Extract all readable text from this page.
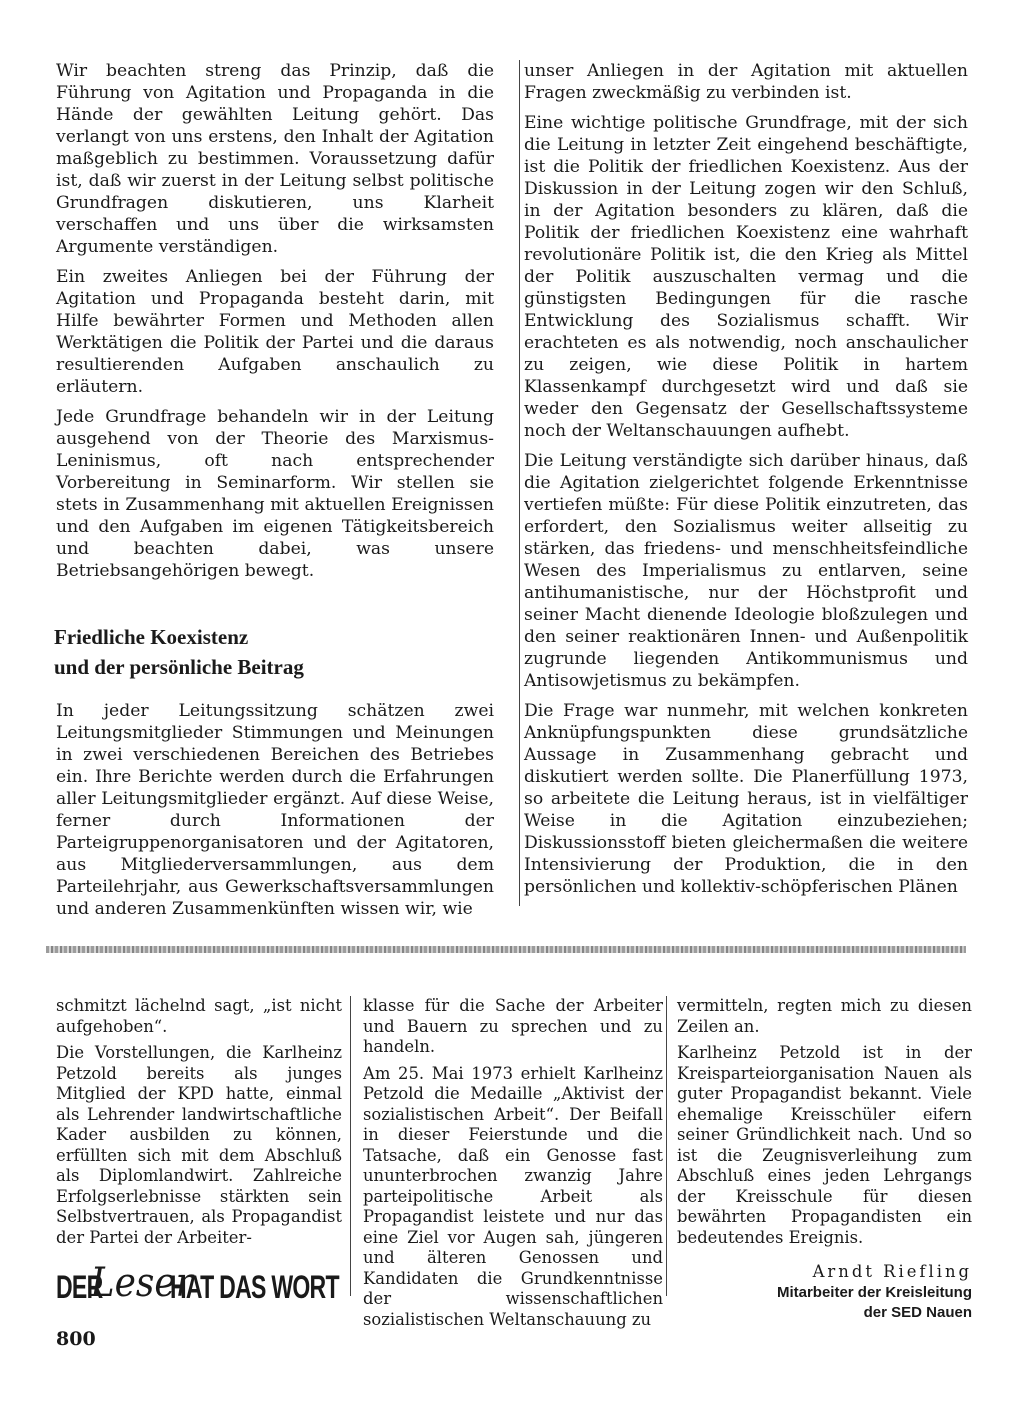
Wir beachten streng das Prinzip, daß die Führung von Agitation und Propaganda in die Hände der gewählten Leitung gehört. Das verlangt von uns erstens, den Inhalt der Agitation maßgeblich zu bestimmen. Voraussetzung dafür ist, daß wir zuerst in der Leitung selbst politische Grundfragen diskutieren, uns Klarheit verschaffen und uns über die wirksamsten Argumente verständigen.

Ein zweites Anliegen bei der Führung der Agitation und Propaganda besteht darin, mit Hilfe bewährter Formen und Methoden allen Werktätigen die Politik der Partei und die daraus resultierenden Aufgaben anschaulich zu erläutern.

Jede Grundfrage behandeln wir in der Leitung ausgehend von der Theorie des Marxismus-Leninismus, oft nach entsprechender Vorbereitung in Seminarform. Wir stellen sie stets in Zusammenhang mit aktuellen Ereignissen und den Aufgaben im eigenen Tätigkeitsbereich und beachten dabei, was unsere Betriebsangehörigen bewegt.

Friedliche Koexistenz
und der persönliche Beitrag

In jeder Leitungssitzung schätzen zwei Leitungsmitglieder Stimmungen und Meinungen in zwei verschiedenen Bereichen des Betriebes ein. Ihre Berichte werden durch die Erfahrungen aller Leitungsmitglieder ergänzt. Auf diese Weise, ferner durch Informationen der Parteigruppenorganisatoren und der Agitatoren, aus Mitgliederversammlungen, aus dem Parteilehrjahr, aus Gewerkschaftsversammlungen und anderen Zusammenkünften wissen wir, wie

unser Anliegen in der Agitation mit aktuellen Fragen zweckmäßig zu verbinden ist.

Eine wichtige politische Grundfrage, mit der sich die Leitung in letzter Zeit eingehend beschäftigte, ist die Politik der friedlichen Koexistenz. Aus der Diskussion in der Leitung zogen wir den Schluß, in der Agitation besonders zu klären, daß die Politik der friedlichen Koexistenz eine wahrhaft revolutionäre Politik ist, die den Krieg als Mittel der Politik auszuschalten vermag und die günstigsten Bedingungen für die rasche Entwicklung des Sozialismus schafft. Wir erachteten es als notwendig, noch anschaulicher zu zeigen, wie diese Politik in hartem Klassenkampf durchgesetzt wird und daß sie weder den Gegensatz der Gesellschaftssysteme noch der Weltanschauungen aufhebt.

Die Leitung verständigte sich darüber hinaus, daß die Agitation zielgerichtet folgende Erkenntnisse vertiefen müßte: Für diese Politik einzutreten, das erfordert, den Sozialismus weiter allseitig zu stärken, das friedens- und menschheitsfeindliche Wesen des Imperialismus zu entlarven, seine antihumanistische, nur der Höchstprofit und seiner Macht dienende Ideologie bloßzulegen und den seiner reaktionären Innen- und Außenpolitik zugrunde liegenden Antikommunismus und Antisowjetismus zu bekämpfen.

Die Frage war nunmehr, mit welchen konkreten Anknüpfungspunkten diese grundsätzliche Aussage in Zusammenhang gebracht und diskutiert werden sollte. Die Planerfüllung 1973, so arbeitete die Leitung heraus, ist in vielfältiger Weise in die Agitation einzubeziehen; Diskussionsstoff bieten gleichermaßen die weitere Intensivierung der Produktion, die in den persönlichen und kollektiv-schöpferischen Plänen

schmitzt lächelnd sagt, „ist nicht aufgehoben“.

Die Vorstellungen, die Karlheinz Petzold bereits als junges Mitglied der KPD hatte, einmal als Lehrender landwirtschaftliche Kader ausbilden zu können, erfüllten sich mit dem Abschluß als Diplomlandwirt. Zahlreiche Erfolgserlebnisse stärkten sein Selbstvertrauen, als Propagandist der Partei der Arbeiter-

klasse für die Sache der Arbeiter und Bauern zu sprechen und zu handeln.

Am 25. Mai 1973 erhielt Karlheinz Petzold die Medaille „Aktivist der sozialistischen Arbeit“. Der Beifall in dieser Feierstunde und die Tatsache, daß ein Genosse fast ununterbrochen zwanzig Jahre parteipolitische Arbeit als Propagandist leistete und nur das eine Ziel vor Augen sah, jüngeren und älteren Genossen und Kandidaten die Grundkenntnisse der wissenschaftlichen sozialistischen Weltanschauung zu

vermitteln, regten mich zu diesen Zeilen an.

Karlheinz Petzold ist in der Kreisparteiorganisation Nauen als guter Propagandist bekannt. Viele ehemalige Kreisschüler eifern seiner Gründlichkeit nach. Und so ist die Zeugnisverleihung zum Abschluß eines jeden Lehrgangs der Kreisschule für diesen bewährten Propagandisten ein bedeutendes Ereignis.

Arndt Riefling
Mitarbeiter der Kreisleitung
der SED Nauen
DER
Leser
HAT DAS WORT
800
